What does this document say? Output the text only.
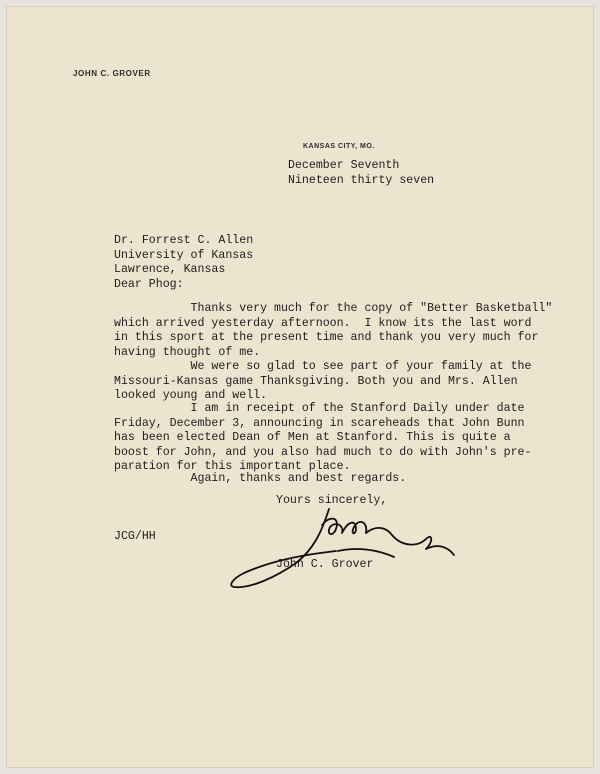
JOHN C. GROVER
KANSAS CITY, MO.
December Seventh
Nineteen thirty seven
Dr. Forrest C. Allen
University of Kansas
Lawrence, Kansas
Dear Phog:
Thanks very much for the copy of "Better Basketball"
which arrived yesterday afternoon.  I know its the last word
in this sport at the present time and thank you very much for
having thought of me.
We were so glad to see part of your family at the
Missouri-Kansas game Thanksgiving. Both you and Mrs. Allen
looked young and well.
I am in receipt of the Stanford Daily under date
Friday, December 3, announcing in scareheads that John Bunn
has been elected Dean of Men at Stanford. This is quite a
boost for John, and you also had much to do with John's pre-
paration for this important place.
Again, thanks and best regards.
Yours sincerely,
JCG/HH
John C. Grover
